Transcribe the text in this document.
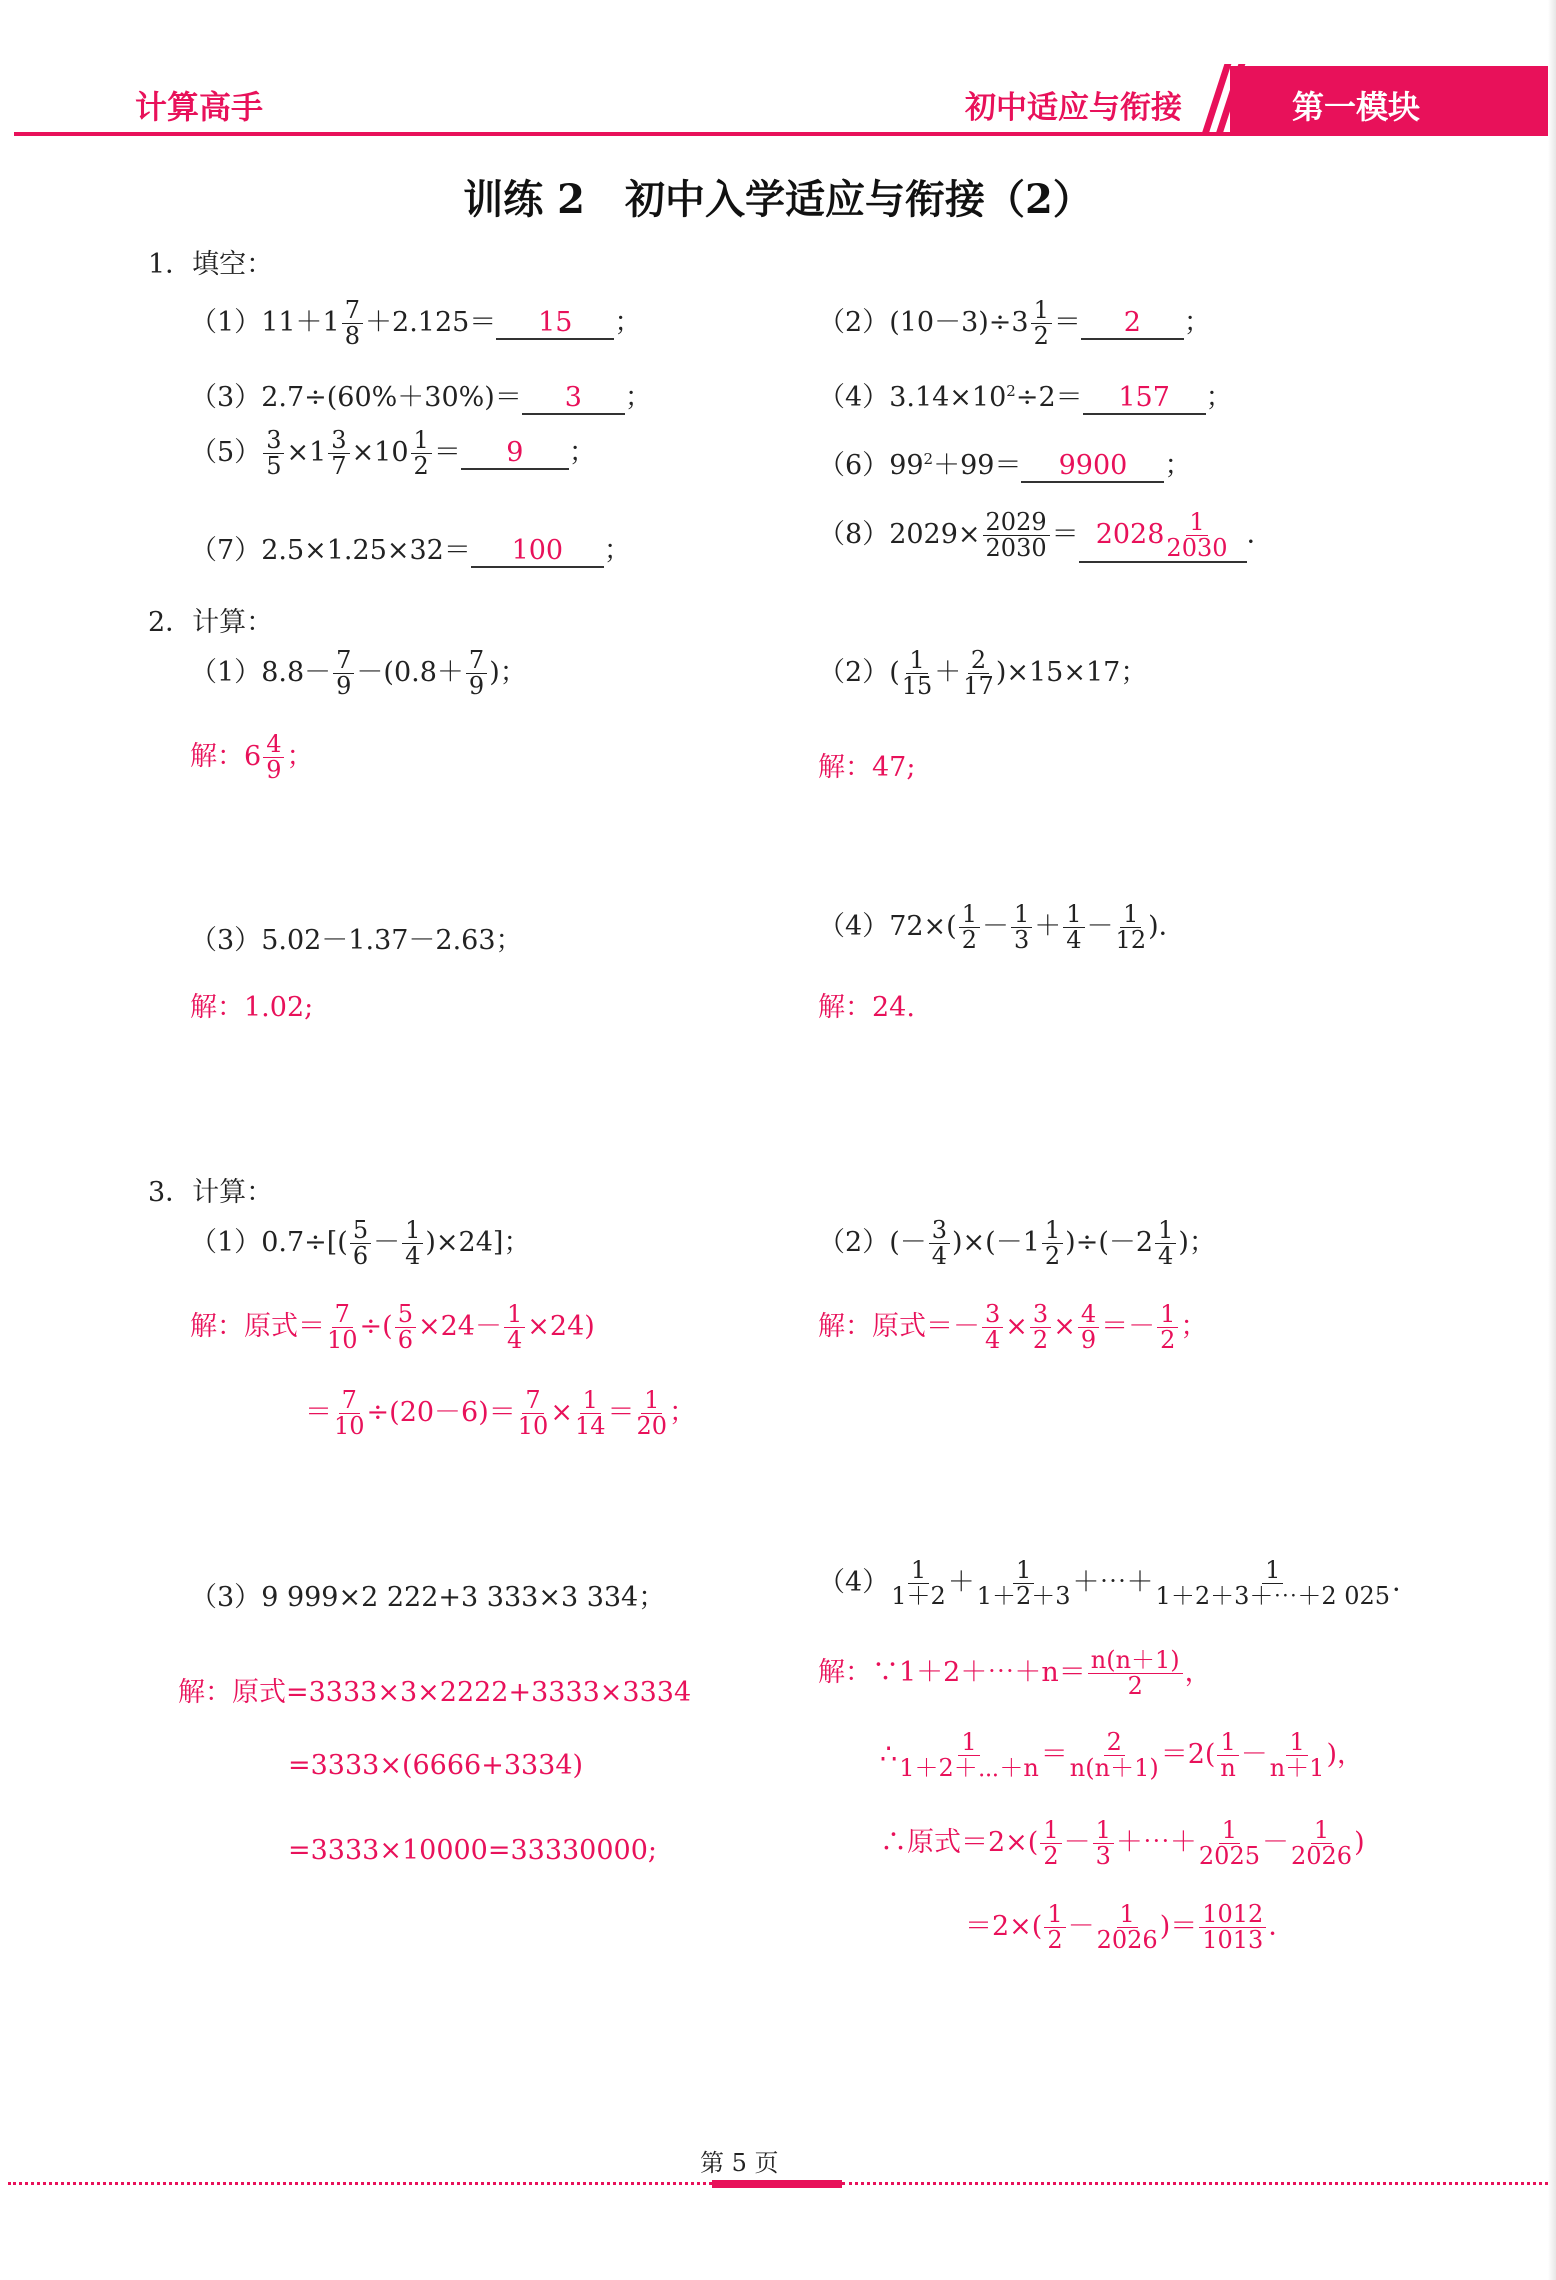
计算高手	初中适应与衔接	第一模块
训练 2　初中入学适应与衔接（2）
1．填空：
$(1)11+1 \frac{7}{8} +2.125= 15$ ；	$(2)(10-3)\div 3 \frac{1}{2} = 2$ ；
（3）2.7÷(60%＋30%)＝ 3 ；	$(4)3.14\times 10^2\div 2= 157$ ；
$(5) \frac{3}{5} \times 1 \frac{3}{7} \times 10 \frac{1}{2} = 9$ ；	$(6)99^2+99= 9900$ ；
（7）2.5×1.25×32＝ 100 ；
$(8)2029\times \frac{2029}{2030} = 2028 \frac{1}{2030}$ ．
2．计算：
$(1)8.8- \frac{7}{9} -(0.8+ \frac{7}{9}$ )；
解：$6 \frac{4}{9}$ ；
$(2)( \frac{1}{15} + \frac{2}{17} )\times 15\times 17$；
解：47;
（3）5.02－1.37－2.63；
解：1.02;
$(4)72\times( \frac{1}{2} - \frac{1}{3} + \frac{1}{4} - \frac{1}{12}$ )．
解：24.
3．计算：
$(1)0.7\div[( \frac{5}{6} - \frac{1}{4} )\times 24]$；
解：原式＝ $\frac{7}{10}$ ÷( $\frac{5}{6} \times 24- \frac{1}{4} \times 24$)
＝ $\frac{7}{10} \div(20-6)= \frac{7}{10} \times \frac{1}{14} = \frac{1}{20}$ ；
$(2)(- \frac{3}{4} )\times(-1 \frac{1}{2} )\div(-2 \frac{1}{4}$ )；
解：原式＝－ $\frac{3}{4} \times \frac{3}{2} \times \frac{4}{9} =- \frac{1}{2}$ ；
（3）9 999×2 222+3 333×3 334；
解：原式=3333×3×2222+3333×3334
=3333×(6666+3334)
=3333×10000=33330000;
$(4) \frac{1}{1+2} + \frac{1}{1+2+3}$ ＋⋯＋ $\frac{1}{1+2+3+\cdots+2 025}$ ．
解：∵1＋2＋⋯＋n＝ $\frac{n(n+1)}{2}$ ，
∴ $\frac{1}{1+2+\cdots+n} = \frac{2}{n(n+1)} =2( \frac{1}{n} - \frac{1}{n+1}$ )，
∴原式$=2\times( \frac{1}{2} - \frac{1}{3}$ ＋⋯＋ $\frac{1}{2025} - \frac{1}{2026}$ )
$=2\times( \frac{1}{2} - \frac{1}{2026}$ )＝ $\frac{1012}{1013}$ ．
第 5 页
